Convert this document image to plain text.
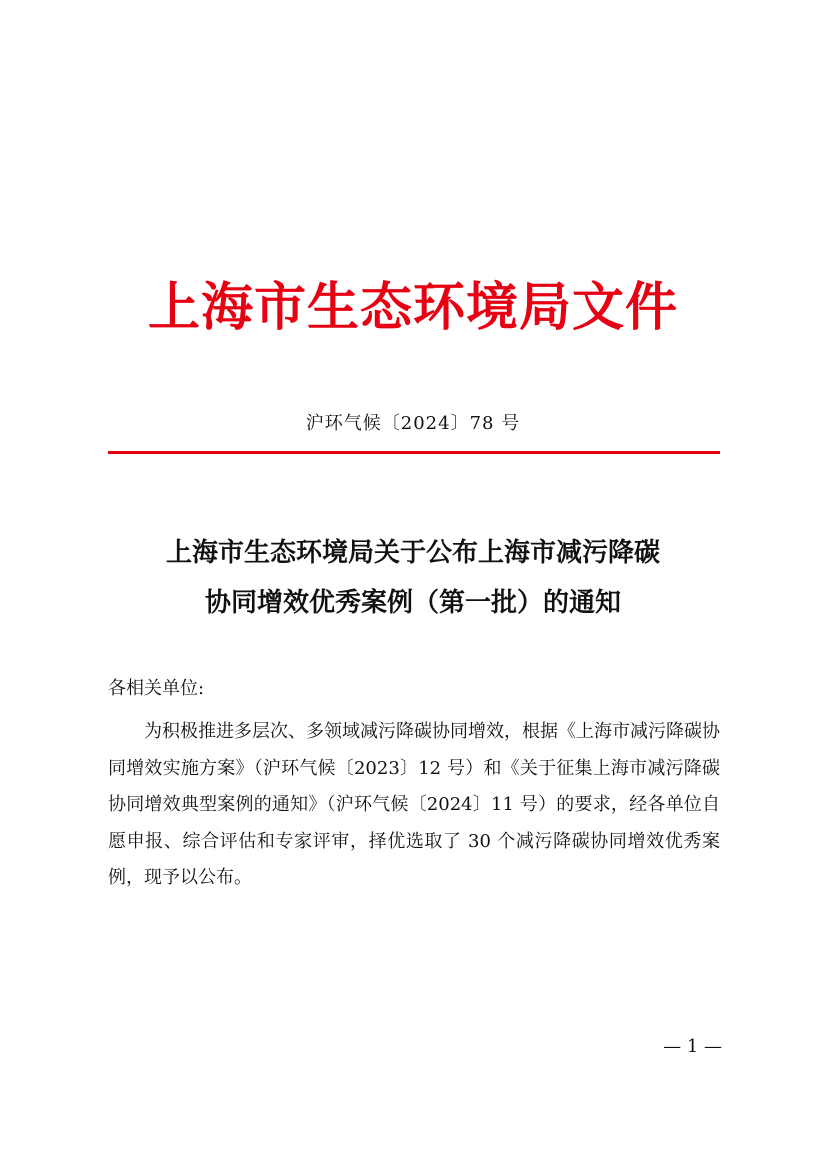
上海市生态环境局文件
沪环气候〔2024〕78 号
上海市生态环境局关于公布上海市减污降碳
协同增效优秀案例（第一批）的通知
各相关单位:

为积极推进多层次、多领域减污降碳协同增效，根据《上海市减污降碳协同增效实施方案》（沪环气候〔2023〕12 号）和《关于征集上海市减污降碳协同增效典型案例的通知》（沪环气候〔2024〕11 号）的要求，经各单位自愿申报、综合评估和专家评审，择优选取了 30 个减污降碳协同增效优秀案例，现予以公布。

— 1 —
